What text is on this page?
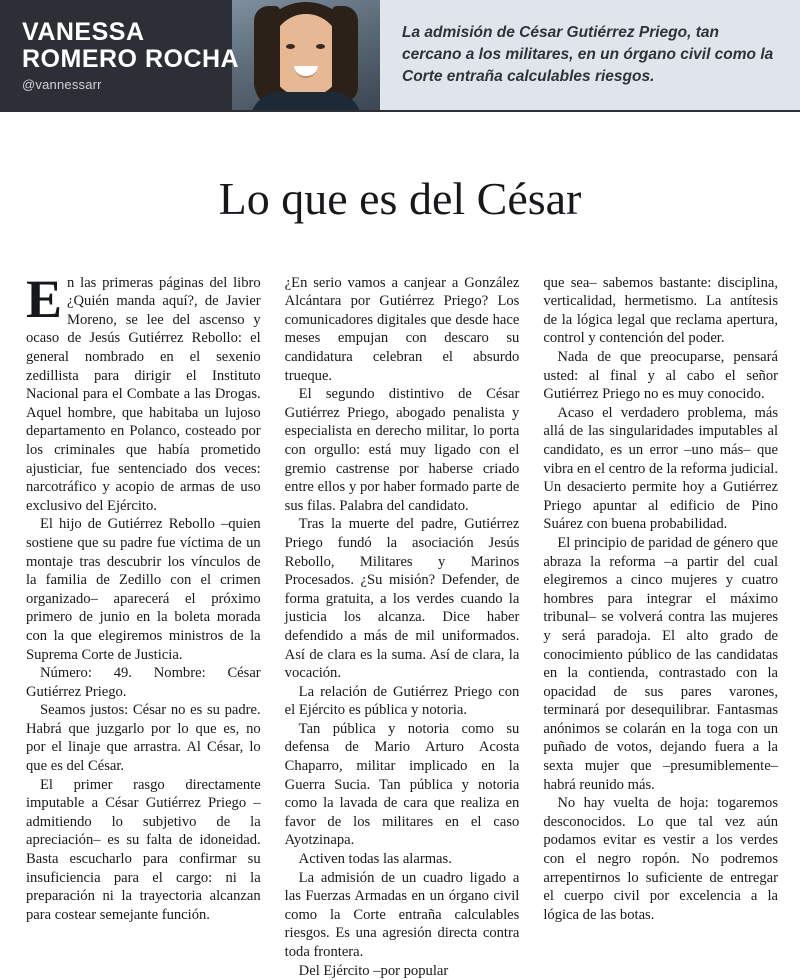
VANESSA
ROMERO ROCHA
@vannessarr
La admisión de César Gutiérrez Priego, tan cercano a los militares, en un órgano civil como la Corte entraña calculables riesgos.
Lo que es del César

En las primeras páginas del libro ¿Quién manda aquí?, de Javier Moreno, se lee del ascenso y ocaso de Jesús Gutiérrez Rebollo: el general nombrado en el sexenio zedillista para dirigir el Instituto Nacional para el Combate a las Drogas. Aquel hombre, que habitaba un lujoso departamento en Polanco, costeado por los criminales que había prometido ajusticiar, fue sentenciado dos veces: narcotráfico y acopio de armas de uso exclusivo del Ejército.

El hijo de Gutiérrez Rebollo –quien sostiene que su padre fue víctima de un montaje tras descubrir los vínculos de la familia de Zedillo con el crimen organizado– aparecerá el próximo primero de junio en la boleta morada con la que elegiremos ministros de la Suprema Corte de Justicia.

Número: 49. Nombre: César Gutiérrez Priego.

Seamos justos: César no es su padre. Habrá que juzgarlo por lo que es, no por el linaje que arrastra. Al César, lo que es del César.

El primer rasgo directamente imputable a César Gutiérrez Priego –admitiendo lo subjetivo de la apreciación– es su falta de idoneidad. Basta escucharlo para confirmar su insuficiencia para el cargo: ni la preparación ni la trayectoria alcanzan para costear semejante función.

¿En serio vamos a canjear a González Alcántara por Gutiérrez Priego? Los comunicadores digitales que desde hace meses empujan con descaro su candidatura celebran el absurdo trueque.

El segundo distintivo de César Gutiérrez Priego, abogado penalista y especialista en derecho militar, lo porta con orgullo: está muy ligado con el gremio castrense por haberse criado entre ellos y por haber formado parte de sus filas. Palabra del candidato.

Tras la muerte del padre, Gutiérrez Priego fundó la asociación Jesús Rebollo, Militares y Marinos Procesados. ¿Su misión? Defender, de forma gratuita, a los verdes cuando la justicia los alcanza. Dice haber defendido a más de mil uniformados. Así de clara es la suma. Así de clara, la vocación.

La relación de Gutiérrez Priego con el Ejército es pública y notoria.

Tan pública y notoria como su defensa de Mario Arturo Acosta Chaparro, militar implicado en la Guerra Sucia. Tan pública y notoria como la lavada de cara que realiza en favor de los militares en el caso Ayotzinapa.

Activen todas las alarmas.

La admisión de un cuadro ligado a las Fuerzas Armadas en un órgano civil como la Corte entraña calculables riesgos. Es una agresión directa contra toda frontera.

Del Ejército –por popular

que sea– sabemos bastante: disciplina, verticalidad, hermetismo. La antítesis de la lógica legal que reclama apertura, control y contención del poder.

Nada de que preocuparse, pensará usted: al final y al cabo el señor Gutiérrez Priego no es muy conocido.

Acaso el verdadero problema, más allá de las singularidades imputables al candidato, es un error –uno más– que vibra en el centro de la reforma judicial. Un desacierto permite hoy a Gutiérrez Priego apuntar al edificio de Pino Suárez con buena probabilidad.

El principio de paridad de género que abraza la reforma –a partir del cual elegiremos a cinco mujeres y cuatro hombres para integrar el máximo tribunal– se volverá contra las mujeres y será paradoja. El alto grado de conocimiento público de las candidatas en la contienda, contrastado con la opacidad de sus pares varones, terminará por desequilibrar. Fantasmas anónimos se colarán en la toga con un puñado de votos, dejando fuera a la sexta mujer que –presumiblemente– habrá reunido más.

No hay vuelta de hoja: togaremos desconocidos. Lo que tal vez aún podamos evitar es vestir a los verdes con el negro ropón. No podremos arrepentirnos lo suficiente de entregar el cuerpo civil por excelencia a la lógica de las botas.
